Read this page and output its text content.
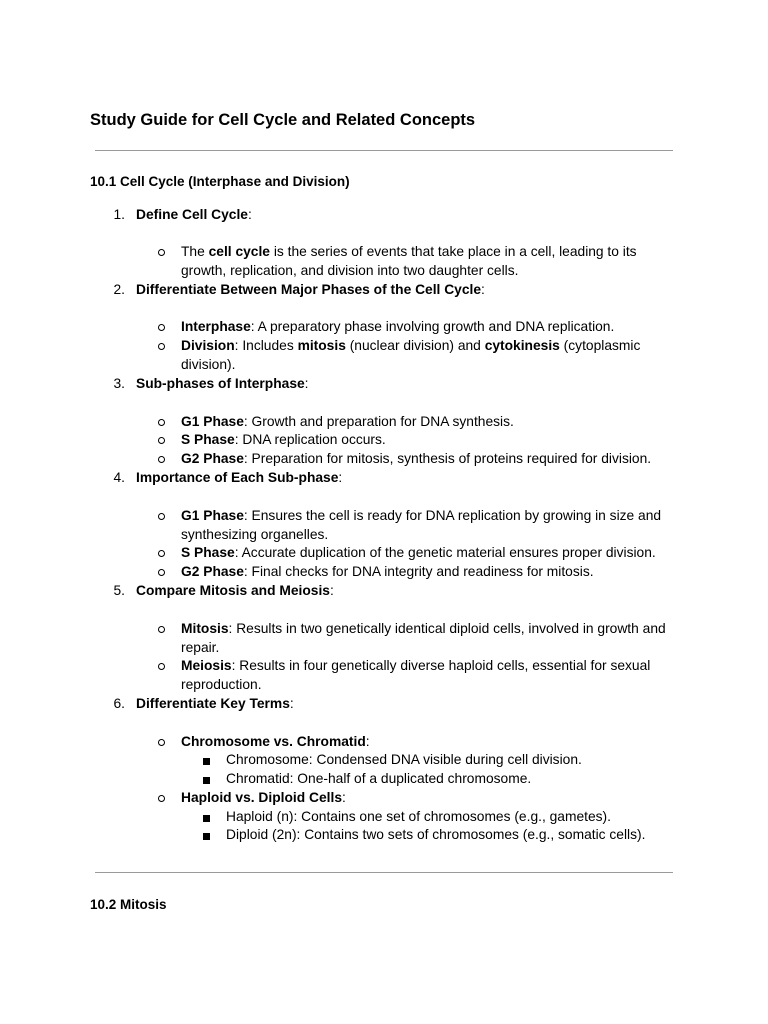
Study Guide for Cell Cycle and Related Concepts
10.1 Cell Cycle (Interphase and Division)
1. Define Cell Cycle:

The cell cycle is the series of events that take place in a cell, leading to its

growth, replication, and division into two daughter cells.

2. Differentiate Between Major Phases of the Cell Cycle:

Interphase: A preparatory phase involving growth and DNA replication.

Division: Includes mitosis (nuclear division) and cytokinesis (cytoplasmic

division).

3. Sub-phases of Interphase:

G1 Phase: Growth and preparation for DNA synthesis.

S Phase: DNA replication occurs.

G2 Phase: Preparation for mitosis, synthesis of proteins required for division.

4. Importance of Each Sub-phase:

G1 Phase: Ensures the cell is ready for DNA replication by growing in size and

synthesizing organelles.

S Phase: Accurate duplication of the genetic material ensures proper division.

G2 Phase: Final checks for DNA integrity and readiness for mitosis.

5. Compare Mitosis and Meiosis:

Mitosis: Results in two genetically identical diploid cells, involved in growth and

repair.

Meiosis: Results in four genetically diverse haploid cells, essential for sexual

reproduction.

6. Differentiate Key Terms:

Chromosome vs. Chromatid:

Chromosome: Condensed DNA visible during cell division.

Chromatid: One-half of a duplicated chromosome.

Haploid vs. Diploid Cells:

Haploid (n): Contains one set of chromosomes (e.g., gametes).

Diploid (2n): Contains two sets of chromosomes (e.g., somatic cells).

10.2 Mitosis
